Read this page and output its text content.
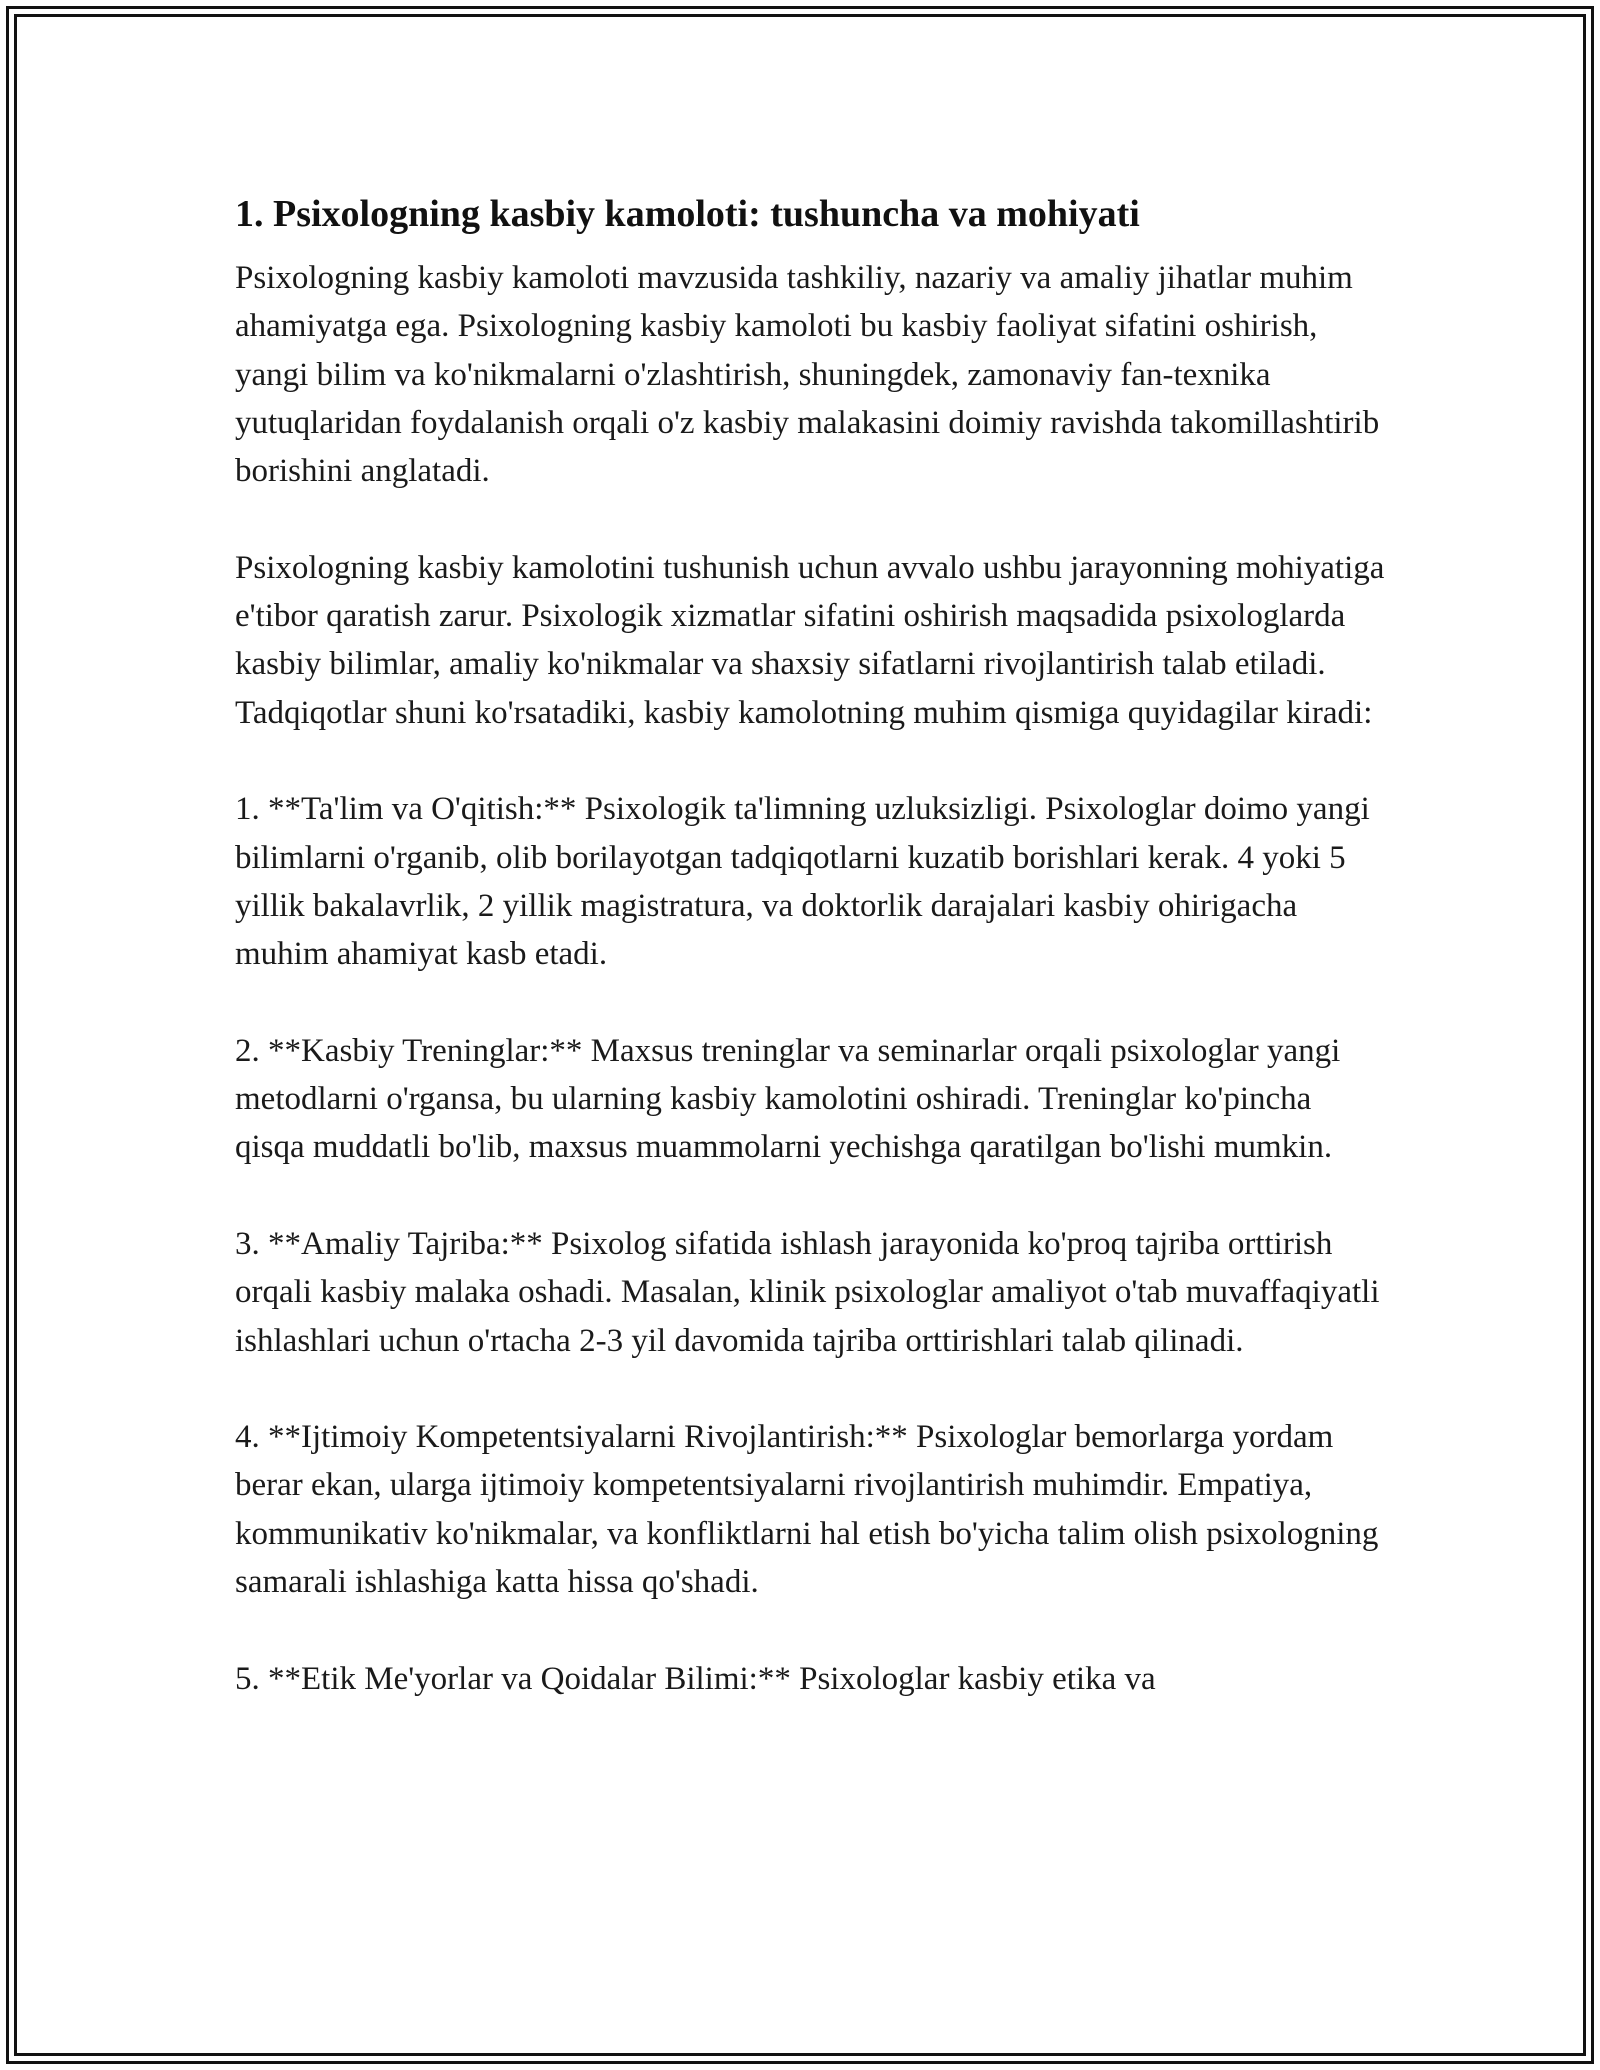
1. Psixologning kasbiy kamoloti: tushuncha va mohiyati

Psixologning kasbiy kamoloti mavzusida tashkiliy, nazariy va amaliy jihatlar muhim ahamiyatga ega. Psixologning kasbiy kamoloti bu kasbiy faoliyat sifatini oshirish, yangi bilim va ko'nikmalarni o'zlashtirish, shuningdek, zamonaviy fan-texnika yutuqlaridan foydalanish orqali o'z kasbiy malakasini doimiy ravishda takomillashtirib borishini anglatadi.

Psixologning kasbiy kamolotini tushunish uchun avvalo ushbu jarayonning mohiyatiga e'tibor qaratish zarur. Psixologik xizmatlar sifatini oshirish maqsadida psixologlarda kasbiy bilimlar, amaliy ko'nikmalar va shaxsiy sifatlarni rivojlantirish talab etiladi. Tadqiqotlar shuni ko'rsatadiki, kasbiy kamolotning muhim qismiga quyidagilar kiradi:

1. **Ta'lim va O'qitish:** Psixologik ta'limning uzluksizligi. Psixologlar doimo yangi bilimlarni o'rganib, olib borilayotgan tadqiqotlarni kuzatib borishlari kerak. 4 yoki 5 yillik bakalavrlik, 2 yillik magistratura, va doktorlik darajalari kasbiy ohirigacha muhim ahamiyat kasb etadi.

2. **Kasbiy Treninglar:** Maxsus treninglar va seminarlar orqali psixologlar yangi metodlarni o'rgansa, bu ularning kasbiy kamolotini oshiradi. Treninglar ko'pincha qisqa muddatli bo'lib, maxsus muammolarni yechishga qaratilgan bo'lishi mumkin.

3. **Amaliy Tajriba:** Psixolog sifatida ishlash jarayonida ko'proq tajriba orttirish orqali kasbiy malaka oshadi. Masalan, klinik psixologlar amaliyot o'tab muvaffaqiyatli ishlashlari uchun o'rtacha 2-3 yil davomida tajriba orttirishlari talab qilinadi.

4. **Ijtimoiy Kompetentsiyalarni Rivojlantirish:** Psixologlar bemorlarga yordam berar ekan, ularga ijtimoiy kompetentsiyalarni rivojlantirish muhimdir. Empatiya, kommunikativ ko'nikmalar, va konfliktlarni hal etish bo'yicha talim olish psixologning samarali ishlashiga katta hissa qo'shadi.

5. **Etik Me'yorlar va Qoidalar Bilimi:** Psixologlar kasbiy etika va
